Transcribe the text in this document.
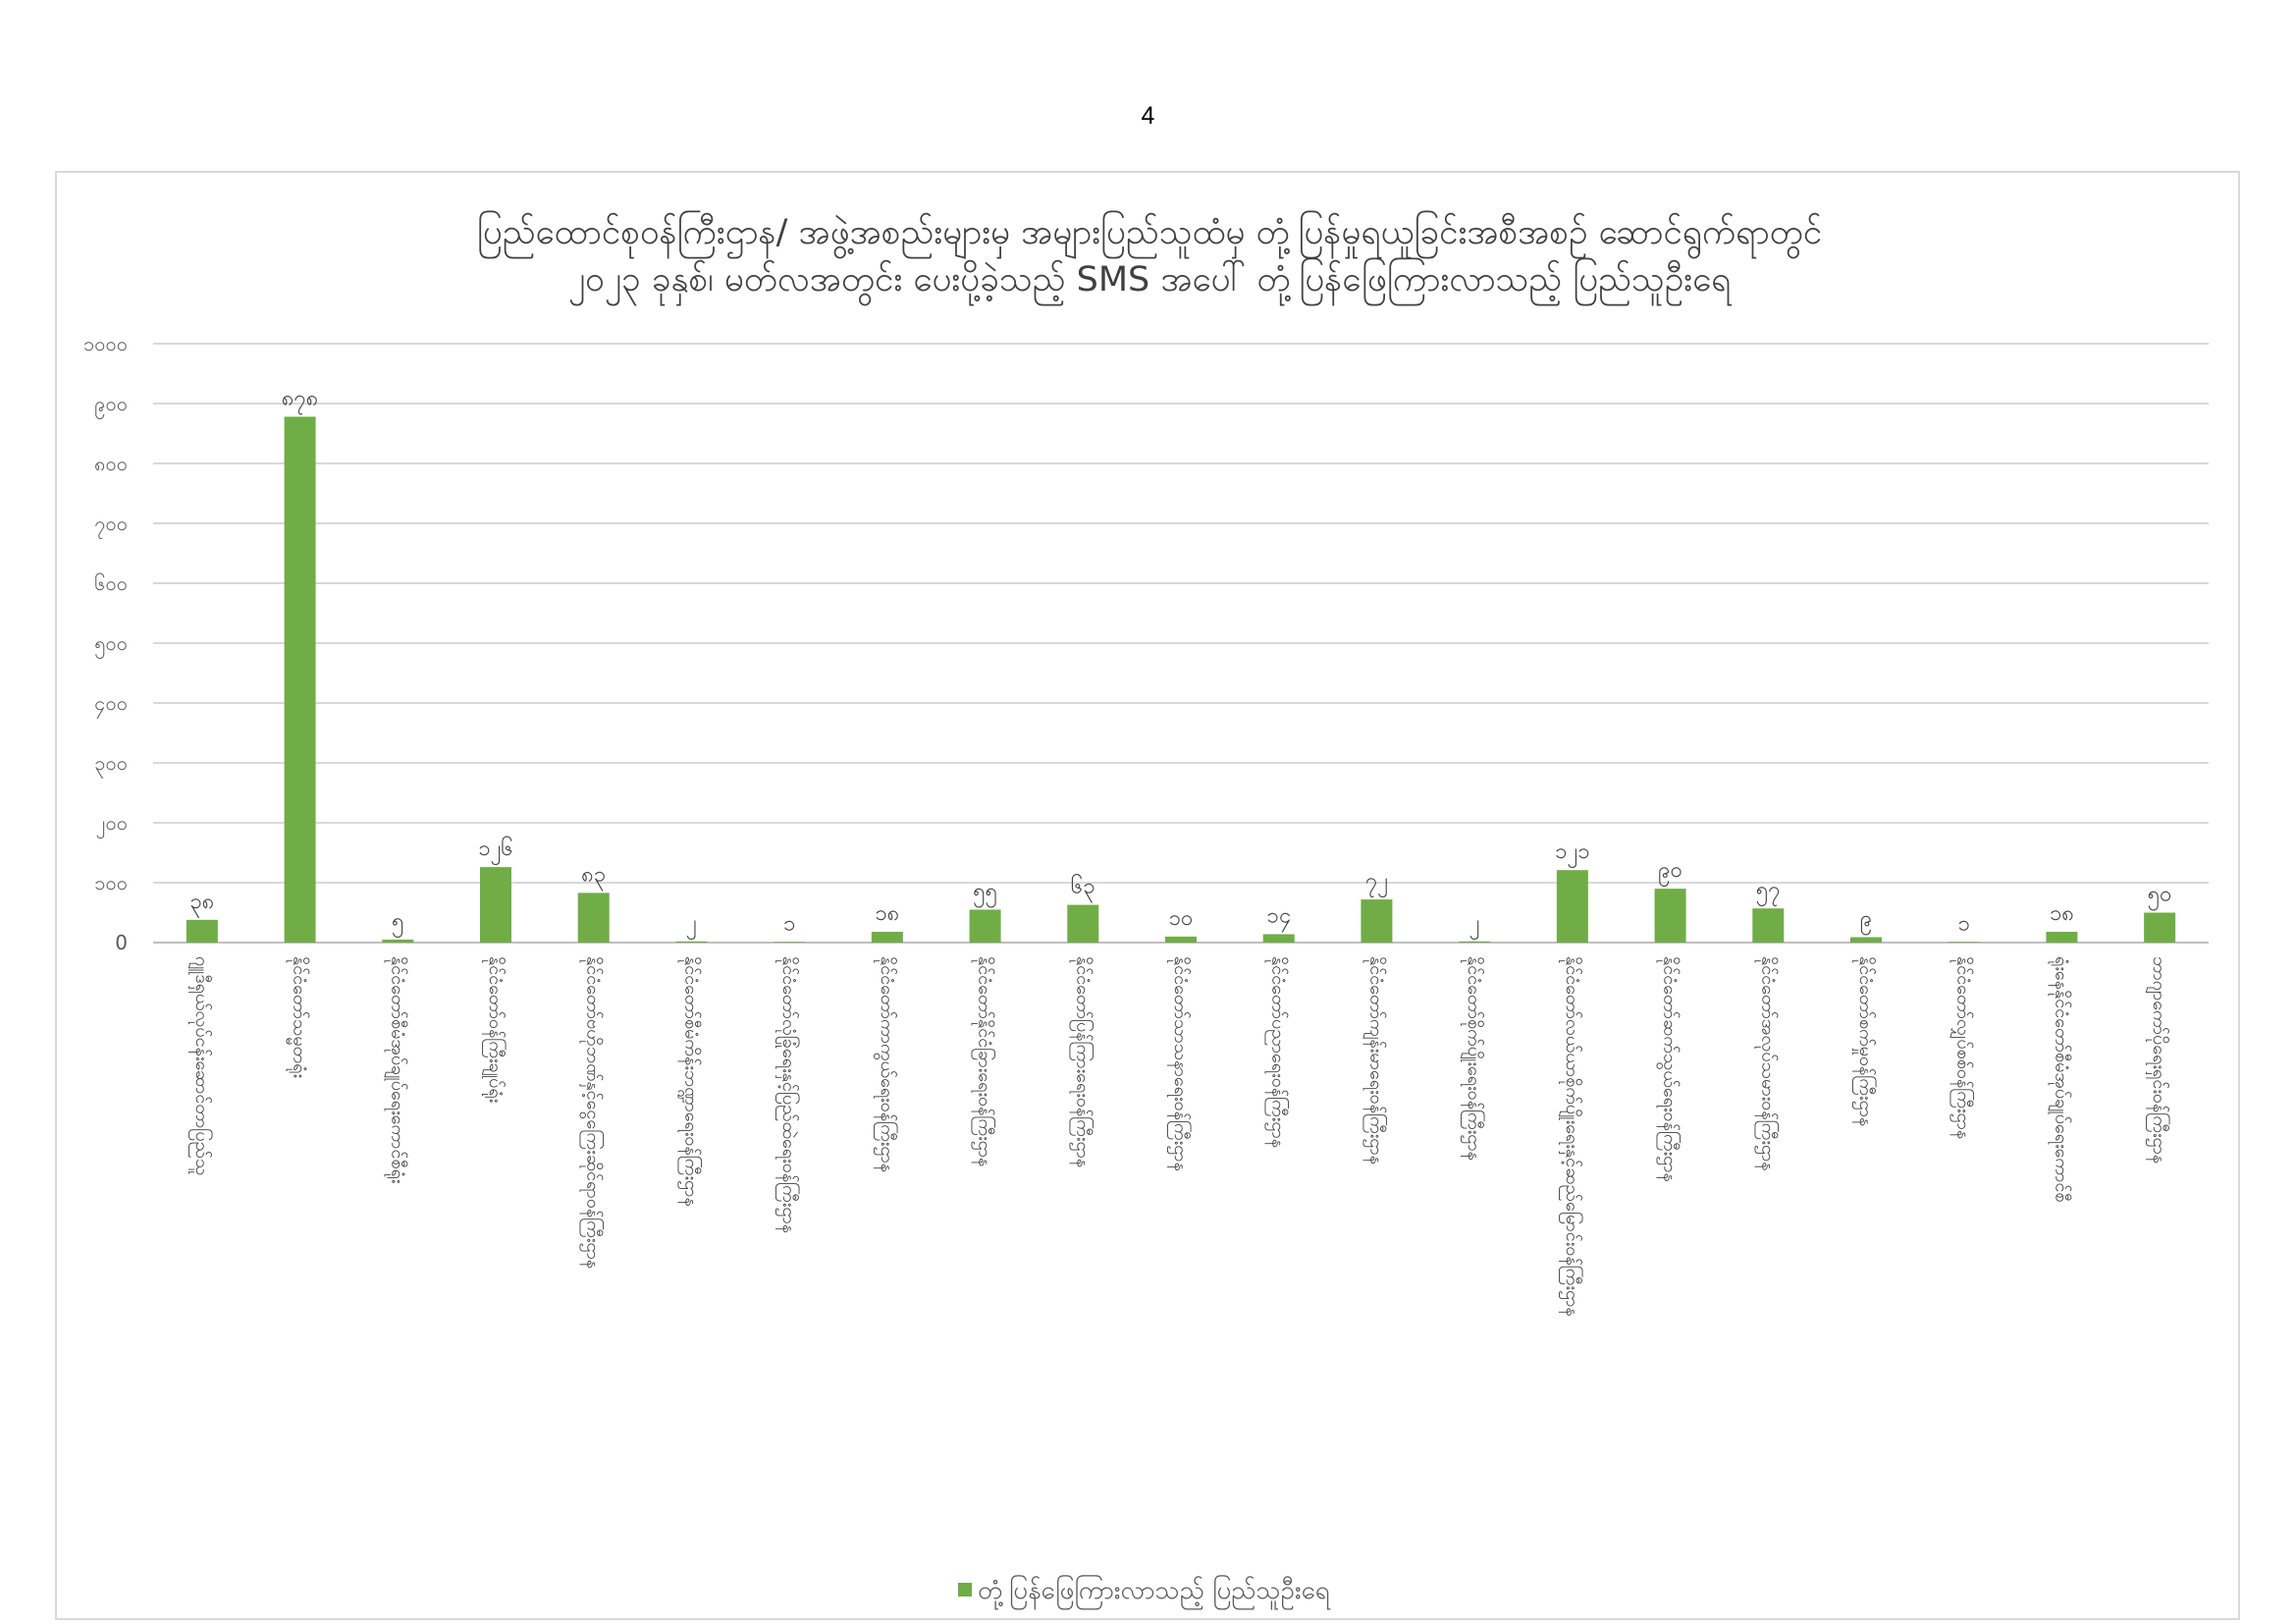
4
ပြည်ထောင်စုဝန်ကြီးဌာန/ အဖွဲ့အစည်းများမှ အများပြည်သူထံမှ တုံ့ပြန်မှုရယူခြင်းအစီအစဉ် ဆောင်ရွက်ရာတွင်
၂၀၂၃ ခုနှစ်၊ မတ်လအတွင်း ပေးပို့ခဲ့သည့် SMS အပေါ် တုံ့ပြန်ဖြေကြားလာသည့် ပြည်သူဦးရေ
0
၁၀၀
၂၀၀
၃၀၀
၄၀၀
၅၀၀
၆၀၀
၇၀၀
၈၀၀
၉၀၀
၁၀၀၀
၃၈
၈၇၈
၅
၁၂၆
၈၃
၂	၁	၁၈
၅၅	၆၃
၁၀	၁၄
၇၂
၂
၁၂၁
၉၀
၅၇
၉	၁	၁၈
၅၀
ဂျူဒီရှယ်လုပ်ငန်းဆောင်တာပြည်သူ	နိုင်ငံတော်သမ္မတရုံး	နိုင်ငံတော်စီမံအုပ်ချုပ်ရေးကောင်စီရုံး	နိုင်ငံတော်ဝန်ကြီးချုပ်ရုံး	နိုင်ငံတော်ဗဟိုဘဏ်နှင့်ငွေကြေးဆိုင်ရာဝန်ကြီးဌာန	နိုင်ငံတော်စီမံကိန်းဘဏ္ဍာရေးဝန်ကြီးဌာန	နိုင်ငံတော်လုံခြုံရေးနှင့်ပြည်ထဲရေးဝန်ကြီးဌာန	နိုင်ငံတော်ကာကွယ်ရေးဝန်ကြီးဌာန	နိုင်ငံတော်နိုင်ငံခြားရေးဝန်ကြီးဌာန	နိုင်ငံတော်ပြန်ကြားရေးဝန်ကြီးဌာန	နိုင်ငံတော်သာသနာရေးဝန်ကြီးဌာန	နိုင်ငံတော်ပညာရေးဝန်ကြီးဌာန	နိုင်ငံတော်ကျန်းမာရေးဝန်ကြီးဌာန	နိုင်ငံတော်စိုက်ပျိုးရေးဝန်ကြီးဌာန	နိုင်ငံတော်လယ်ယာစိုက်ပျိုးရေးနှင့်ဆည်မြောင်းဝန်ကြီးဌာန	နိုင်ငံတော်ဆက်သွယ်ရေးဝန်ကြီးဌာန	နိုင်ငံတော်အလုပ်သမားဝန်ကြီးဌာန	နိုင်ငံတော်စက်မှုဝန်ကြီးဌာန	နိုင်ငံတော်လျှပ်စစ်ဝန်ကြီးဌာန	ရုံးနေနိုင်ငံတော်စီမံအုပ်ချုပ်ရေးကောင်စီ	ဘာဂျာကော်ပိုရေးရှင်းဝန်ကြီးဌာန
တုံ့ပြန်ဖြေကြားလာသည့် ပြည်သူဦးရေ
